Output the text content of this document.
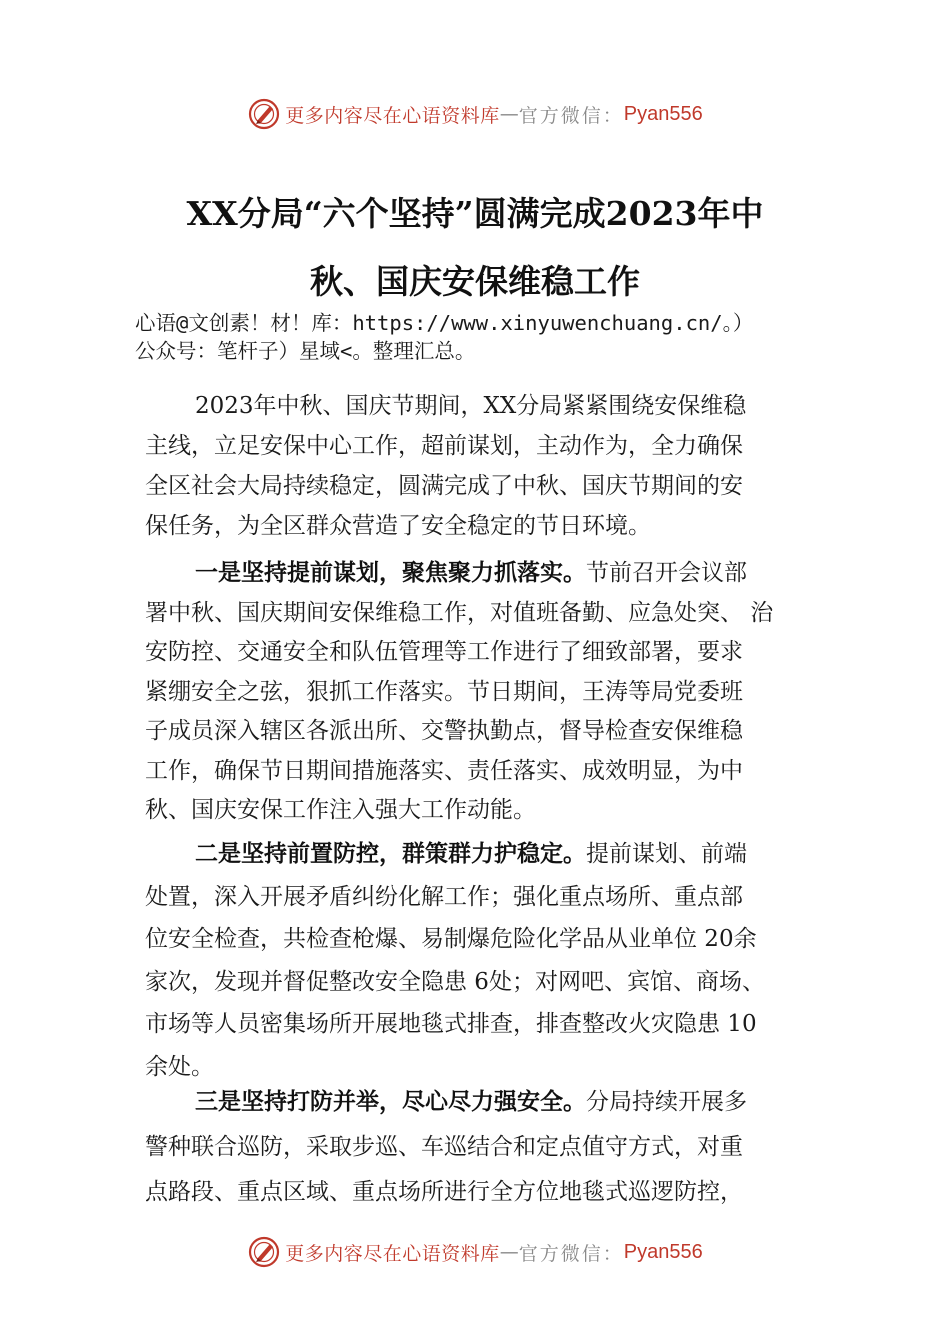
更多内容尽在心语资料库 — 官方微信： Pyan556
XX分局“六个坚持”圆满完成2023年中
秋、国庆安保维稳工作
心语@文创素！材！库：https://www.xinyuwenchuang.cn/。）
公众号：笔杆子）星域<。整理汇总。
2023年中秋、国庆节期间，XX分局紧紧围绕安保维稳
主线，立足安保中心工作，超前谋划，主动作为，全力确保
全区社会大局持续稳定，圆满完成了中秋、国庆节期间的安
保任务，为全区群众营造了安全稳定的节日环境。
一是坚持提前谋划，聚焦聚力抓落实。节前召开会议部
署中秋、国庆期间安保维稳工作，对值班备勤、应急处突、 治
安防控、交通安全和队伍管理等工作进行了细致部署，要求
紧绷安全之弦，狠抓工作落实。节日期间，王涛等局党委班
子成员深入辖区各派出所、交警执勤点，督导检查安保维稳
工作，确保节日期间措施落实、责任落实、成效明显，为中
秋、国庆安保工作注入强大工作动能。
二是坚持前置防控，群策群力护稳定。提前谋划、前端
处置，深入开展矛盾纠纷化解工作；强化重点场所、重点部
位安全检查，共检查枪爆、易制爆危险化学品从业单位 20余
家次，发现并督促整改安全隐患 6处；对网吧、宾馆、商场、
市场等人员密集场所开展地毯式排查，排查整改火灾隐患 10
余处。
三是坚持打防并举，尽心尽力强安全。分局持续开展多
警种联合巡防，采取步巡、车巡结合和定点值守方式，对重
点路段、重点区域、重点场所进行全方位地毯式巡逻防控，
更多内容尽在心语资料库 — 官方微信： Pyan556
